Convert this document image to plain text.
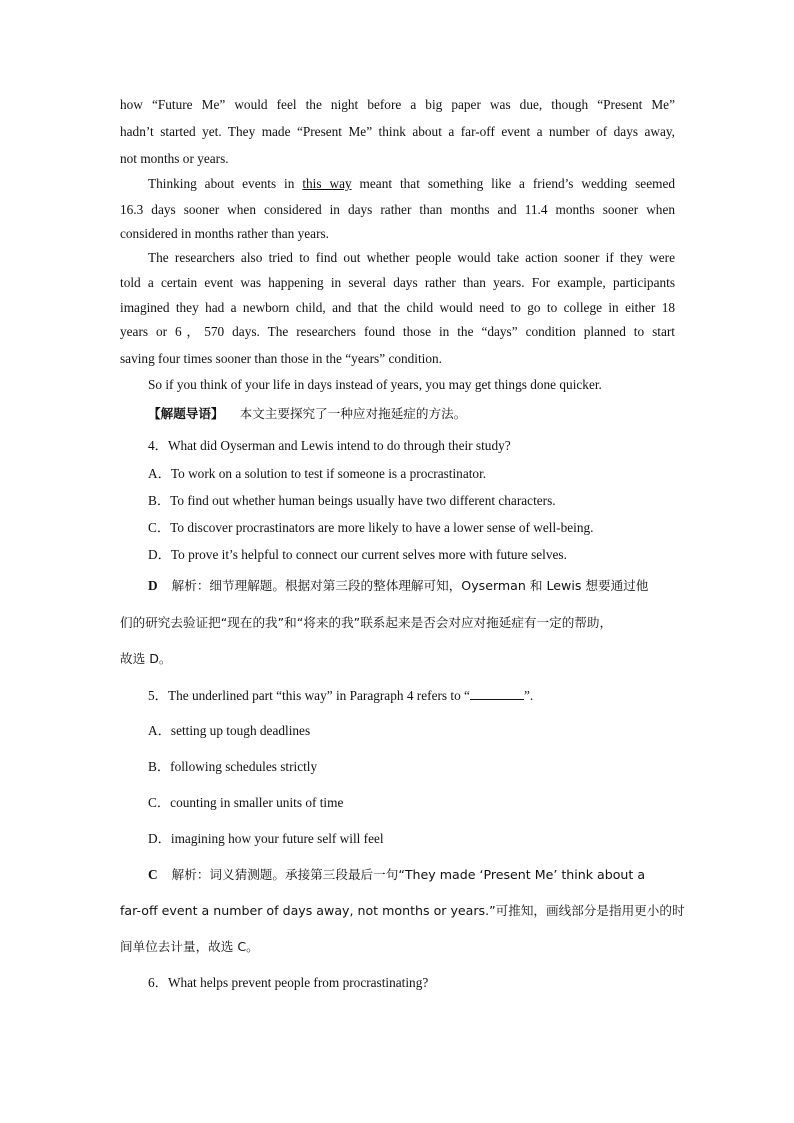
how “Future Me” would feel the night before a big paper was due, though “Present Me”
hadn’t started yet. They made “Present Me” think about a far-off event a number of days away,
not months or years.
Thinking about events in this way meant that something like a friend’s wedding seemed
16.3 days sooner when considered in days rather than months and 11.4 months sooner when
considered in months rather than years.
The researchers also tried to find out whether people would take action sooner if they were
told a certain event was happening in several days rather than years. For example, participants
imagined they had a newborn child, and that the child would need to go to college in either 18
years or 6，570 days. The researchers found those in the “days” condition planned to start
saving four times sooner than those in the “years” condition.
So if you think of your life in days instead of years, you may get things done quicker.
【解题导语】 本文主要探究了一种应对拖延症的方法。
4．What did Oyserman and Lewis intend to do through their study?
A．To work on a solution to test if someone is a procrastinator.
B．To find out whether human beings usually have two different characters.
C．To discover procrastinators are more likely to have a lower sense of well-being.
D．To prove it’s helpful to connect our current selves more with future selves.
D 解析：细节理解题。根据对第三段的整体理解可知，Oyserman 和 Lewis 想要通过他
们的研究去验证把“现在的我”和“将来的我”联系起来是否会对应对拖延症有一定的帮助，
故选 D。
5．The underlined part “this way” in Paragraph 4 refers to “	”.
A．setting up tough deadlines
B．following schedules strictly
C．counting in smaller units of time
D．imagining how your future self will feel
C 解析：词义猜测题。承接第三段最后一句“They made ‘Present Me’ think about a
far-off event a number of days away, not months or years.”可推知，画线部分是指用更小的时
间单位去计量，故选 C。
6．What helps prevent people from procrastinating?
